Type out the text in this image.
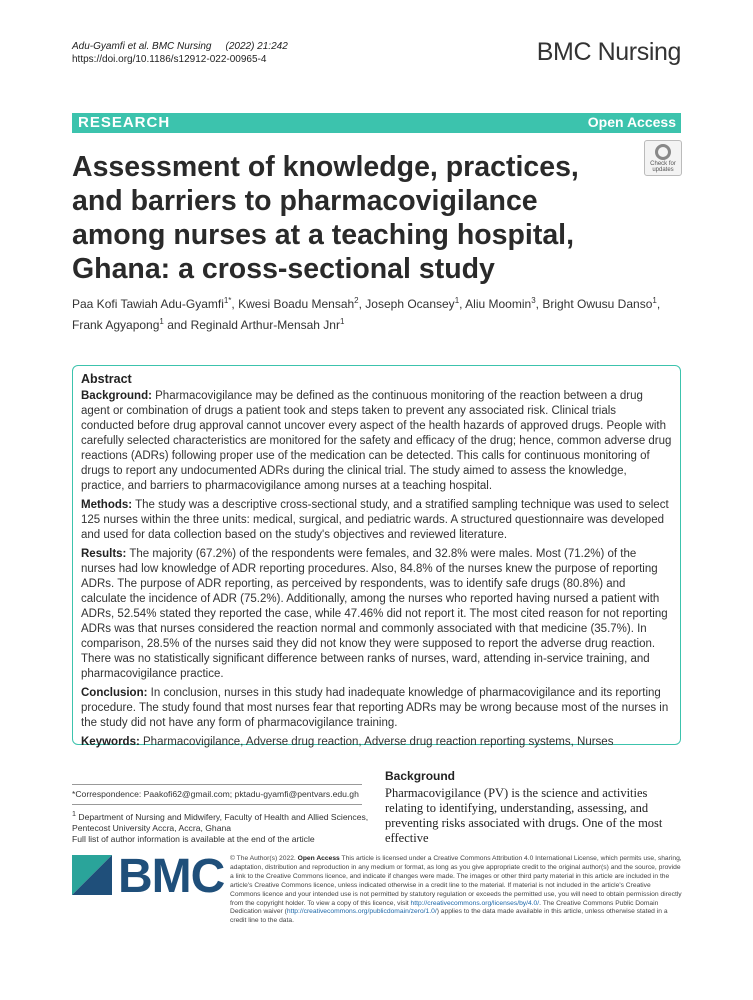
Adu-Gyamfi et al. BMC Nursing (2022) 21:242
https://doi.org/10.1186/s12912-022-00965-4	BMC Nursing
RESEARCH	Open Access
Assessment of knowledge, practices, and barriers to pharmacovigilance among nurses at a teaching hospital, Ghana: a cross-sectional study
Check for
updates
Paa Kofi Tawiah Adu-Gyamfi$^{1*}$, Kwesi Boadu Mensah$^2$, Joseph Ocansey$^1$, Aliu Moomin$^3$, Bright Owusu Danso$^1$, Frank Agyapong$^1$ and Reginald Arthur-Mensah Jnr$^1$
Abstract

Background: Pharmacovigilance may be defined as the continuous monitoring of the reaction between a drug agent or combination of drugs a patient took and steps taken to prevent any associated risk. Clinical trials conducted before drug approval cannot uncover every aspect of the health hazards of approved drugs. People with carefully selected characteristics are monitored for the safety and efficacy of the drug; hence, common adverse drug reactions (ADRs) following proper use of the medication can be detected. This calls for continuous monitoring of drugs to report any undocumented ADRs during the clinical trial. The study aimed to assess the knowledge, practice, and barriers to pharmacovigilance among nurses at a teaching hospital.

Methods: The study was a descriptive cross-sectional study, and a stratified sampling technique was used to select 125 nurses within the three units: medical, surgical, and pediatric wards. A structured questionnaire was developed and used for data collection based on the study's objectives and reviewed literature.

Results: The majority (67.2%) of the respondents were females, and 32.8% were males. Most (71.2%) of the nurses had low knowledge of ADR reporting procedures. Also, 84.8% of the nurses knew the purpose of reporting ADRs. The purpose of ADR reporting, as perceived by respondents, was to identify safe drugs (80.8%) and calculate the incidence of ADR (75.2%). Additionally, among the nurses who reported having nursed a patient with ADRs, 52.54% stated they reported the case, while 47.46% did not report it. The most cited reason for not reporting ADRs was that nurses considered the reaction normal and commonly associated with that medicine (35.7%). In comparison, 28.5% of the nurses said they did not know they were supposed to report the adverse drug reaction. There was no statistically significant difference between ranks of nurses, ward, attending in-service training, and pharmacovigilance practice.

Conclusion: In conclusion, nurses in this study had inadequate knowledge of pharmacovigilance and its reporting procedure. The study found that most nurses fear that reporting ADRs may be wrong because most of the nurses in the study did not have any form of pharmacovigilance training.

Keywords: Pharmacovigilance, Adverse drug reaction, Adverse drug reaction reporting systems, Nurses

*Correspondence: Paakofi62@gmail.com; pktadu-gyamfi@pentvars.edu.gh
$^1$ Department of Nursing and Midwifery, Faculty of Health and Allied Sciences, Pentecost University Accra, Accra, Ghana
Full list of author information is available at the end of the article
Background

Pharmacovigilance (PV) is the science and activities relating to identifying, understanding, assessing, and preventing risks associated with drugs. One of the most effective

BMC © The Author(s) 2022. Open Access This article is licensed under a Creative Commons Attribution 4.0 International License, which permits use, sharing, adaptation, distribution and reproduction in any medium or format, as long as you give appropriate credit to the original author(s) and the source, provide a link to the Creative Commons licence, and indicate if changes were made. The images or other third party material in this article are included in the article's Creative Commons licence, unless indicated otherwise in a credit line to the material. If material is not included in the article's Creative Commons licence and your intended use is not permitted by statutory regulation or exceeds the permitted use, you will need to obtain permission directly from the copyright holder. To view a copy of this licence, visit http://creativecommons.org/licenses/by/4.0/. The Creative Commons Public Domain Dedication waiver (http://creativecommons.org/publicdomain/zero/1.0/) applies to the data made available in this article, unless otherwise stated in a credit line to the data.
